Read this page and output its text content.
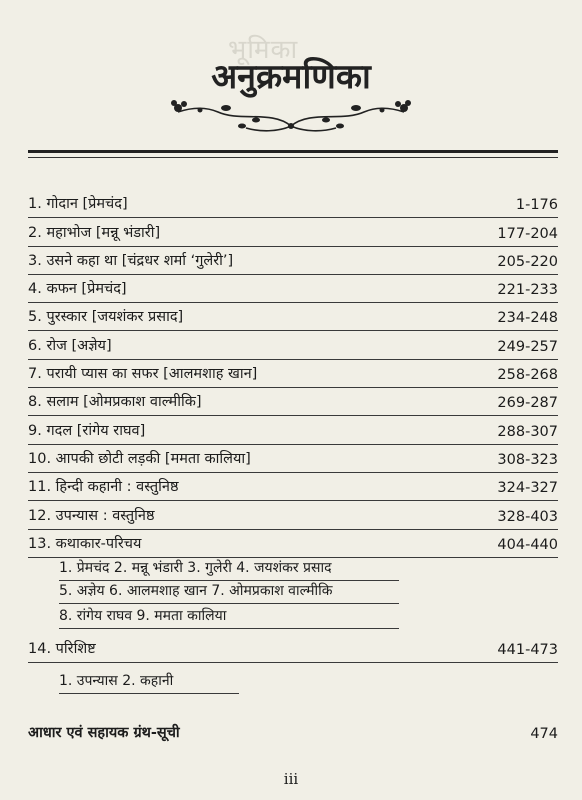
भूमिका
अनुक्रमणिका
1. गोदान [प्रेमचंद]	1-176
2. महाभोज [मन्नू भंडारी]	177-204
3. उसने कहा था [चंद्रधर शर्मा ‘गुलेरी’]	205-220
4. कफन [प्रेमचंद]	221-233
5. पुरस्कार [जयशंकर प्रसाद]	234-248
6. रोज [अज्ञेय]	249-257
7. परायी प्यास का सफर [आलमशाह खान]	258-268
8. सलाम [ओमप्रकाश वाल्मीकि]	269-287
9. गदल [रांगेय राघव]	288-307
10. आपकी छोटी लड़की [ममता कालिया]	308-323
11. हिन्दी कहानी : वस्तुनिष्ठ	324-327
12. उपन्यास : वस्तुनिष्ठ	328-403
13. कथाकार-परिचय	404-440
1. प्रेमचंद 2. मन्नू भंडारी 3. गुलेरी 4. जयशंकर प्रसाद
5. अज्ञेय 6. आलमशाह खान 7. ओमप्रकाश वाल्मीकि
8. रांगेय राघव 9. ममता कालिया
14. परिशिष्ट	441-473
1. उपन्यास 2. कहानी
आधार एवं सहायक ग्रंथ-सूची	474
iii
